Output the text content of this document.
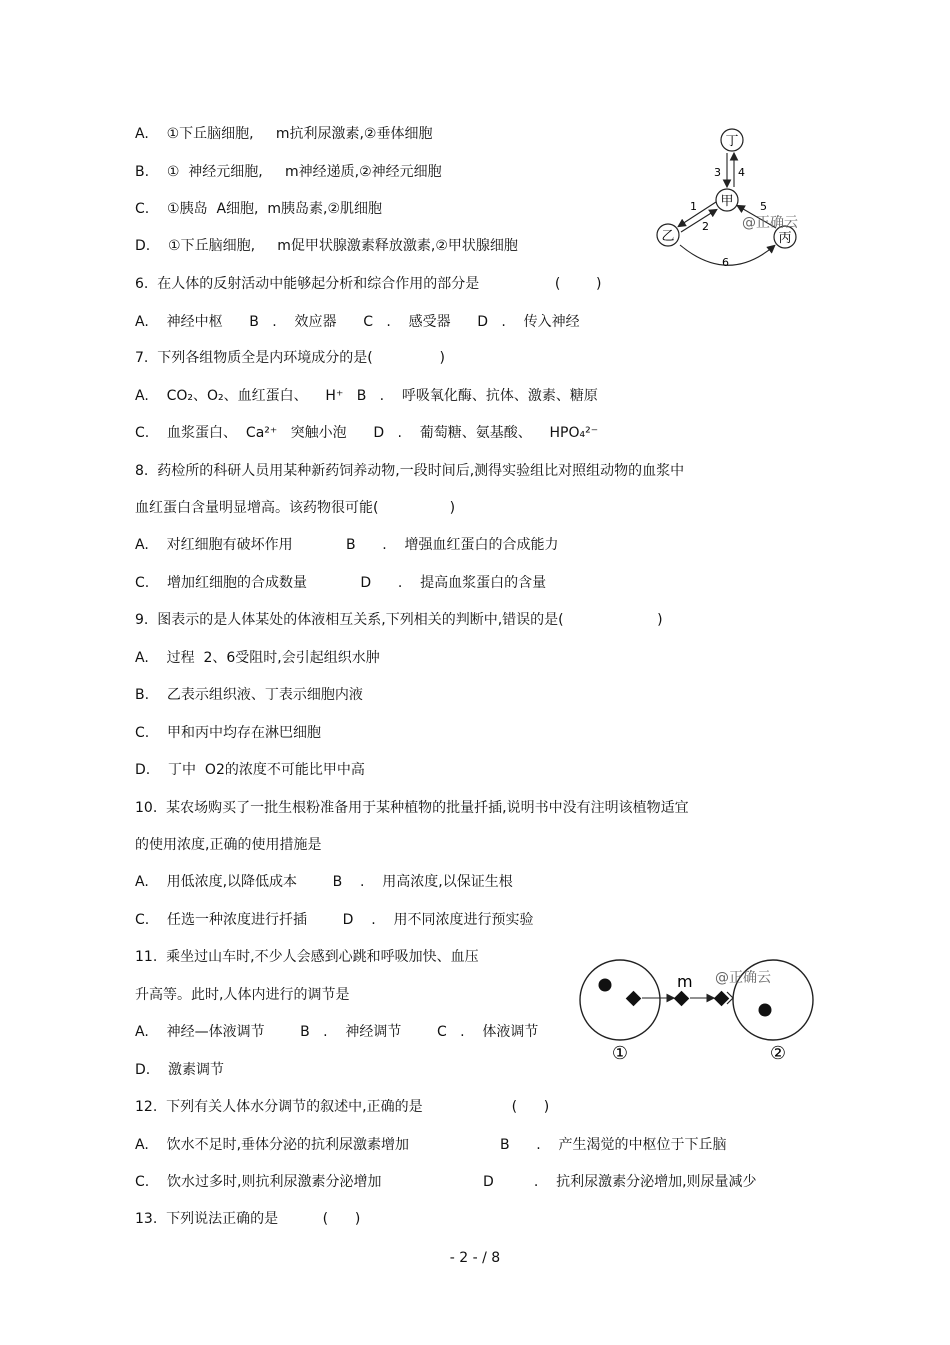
A.    ①下丘脑细胞,     m抗利尿激素,②垂体细胞
B.    ①  神经元细胞,     m神经递质,②神经元细胞
C.    ①胰岛  A细胞,  m胰岛素,②肌细胞
D.    ①下丘脑细胞,     m促甲状腺激素释放激素,②甲状腺细胞
丁
甲
乙	丙
3 4
1
2
5
6
@正确云
6.  在人体的反射活动中能够起分析和综合作用的部分是                 (        )
A.    神经中枢      B   .    效应器      C   .    感受器      D   .    传入神经
7.  下列各组物质全是内环境成分的是(               )
A.    CO₂、O₂、血红蛋白、    H⁺   B   .    呼吸氧化酶、抗体、激素、糖原
C.    血浆蛋白、  Ca²⁺   突触小泡      D   .    葡萄糖、氨基酸、    HPO₄²⁻
8.  药检所的科研人员用某种新药饲养动物,一段时间后,测得实验组比对照组动物的血浆中
血红蛋白含量明显增高。该药物很可能(                )
A.    对红细胞有破坏作用            B      .    增强血红蛋白的合成能力
C.    增加红细胞的合成数量            D      .    提高血浆蛋白的含量
9.  图表示的是人体某处的体液相互关系,下列相关的判断中,错误的是(                     )
A.    过程  2、6受阻时,会引起组织水肿
B.    乙表示组织液、丁表示细胞内液
C.    甲和丙中均存在淋巴细胞
D.    丁中  O2的浓度不可能比甲中高
10.  某农场购买了一批生根粉准备用于某种植物的批量扦插,说明书中没有注明该植物适宜
的使用浓度,正确的使用措施是
A.    用低浓度,以降低成本        B    .    用高浓度,以保证生根
C.    任选一种浓度进行扦插        D    .    用不同浓度进行预实验
11.  乘坐过山车时,不少人会感到心跳和呼吸加快、血压
升高等。此时,人体内进行的调节是
A.    神经—体液调节        B   .    神经调节        C   .    体液调节
D.    激素调节
m
①	②
@正确云
12.  下列有关人体水分调节的叙述中,正确的是                    (      )
A.    饮水不足时,垂体分泌的抗利尿激素增加	B      .    产生渴觉的中枢位于下丘脑
C.    饮水过多时,则抗利尿激素分泌增加	D         .    抗利尿激素分泌增加,则尿量减少
13.  下列说法正确的是          (      )
- 2 - / 8
